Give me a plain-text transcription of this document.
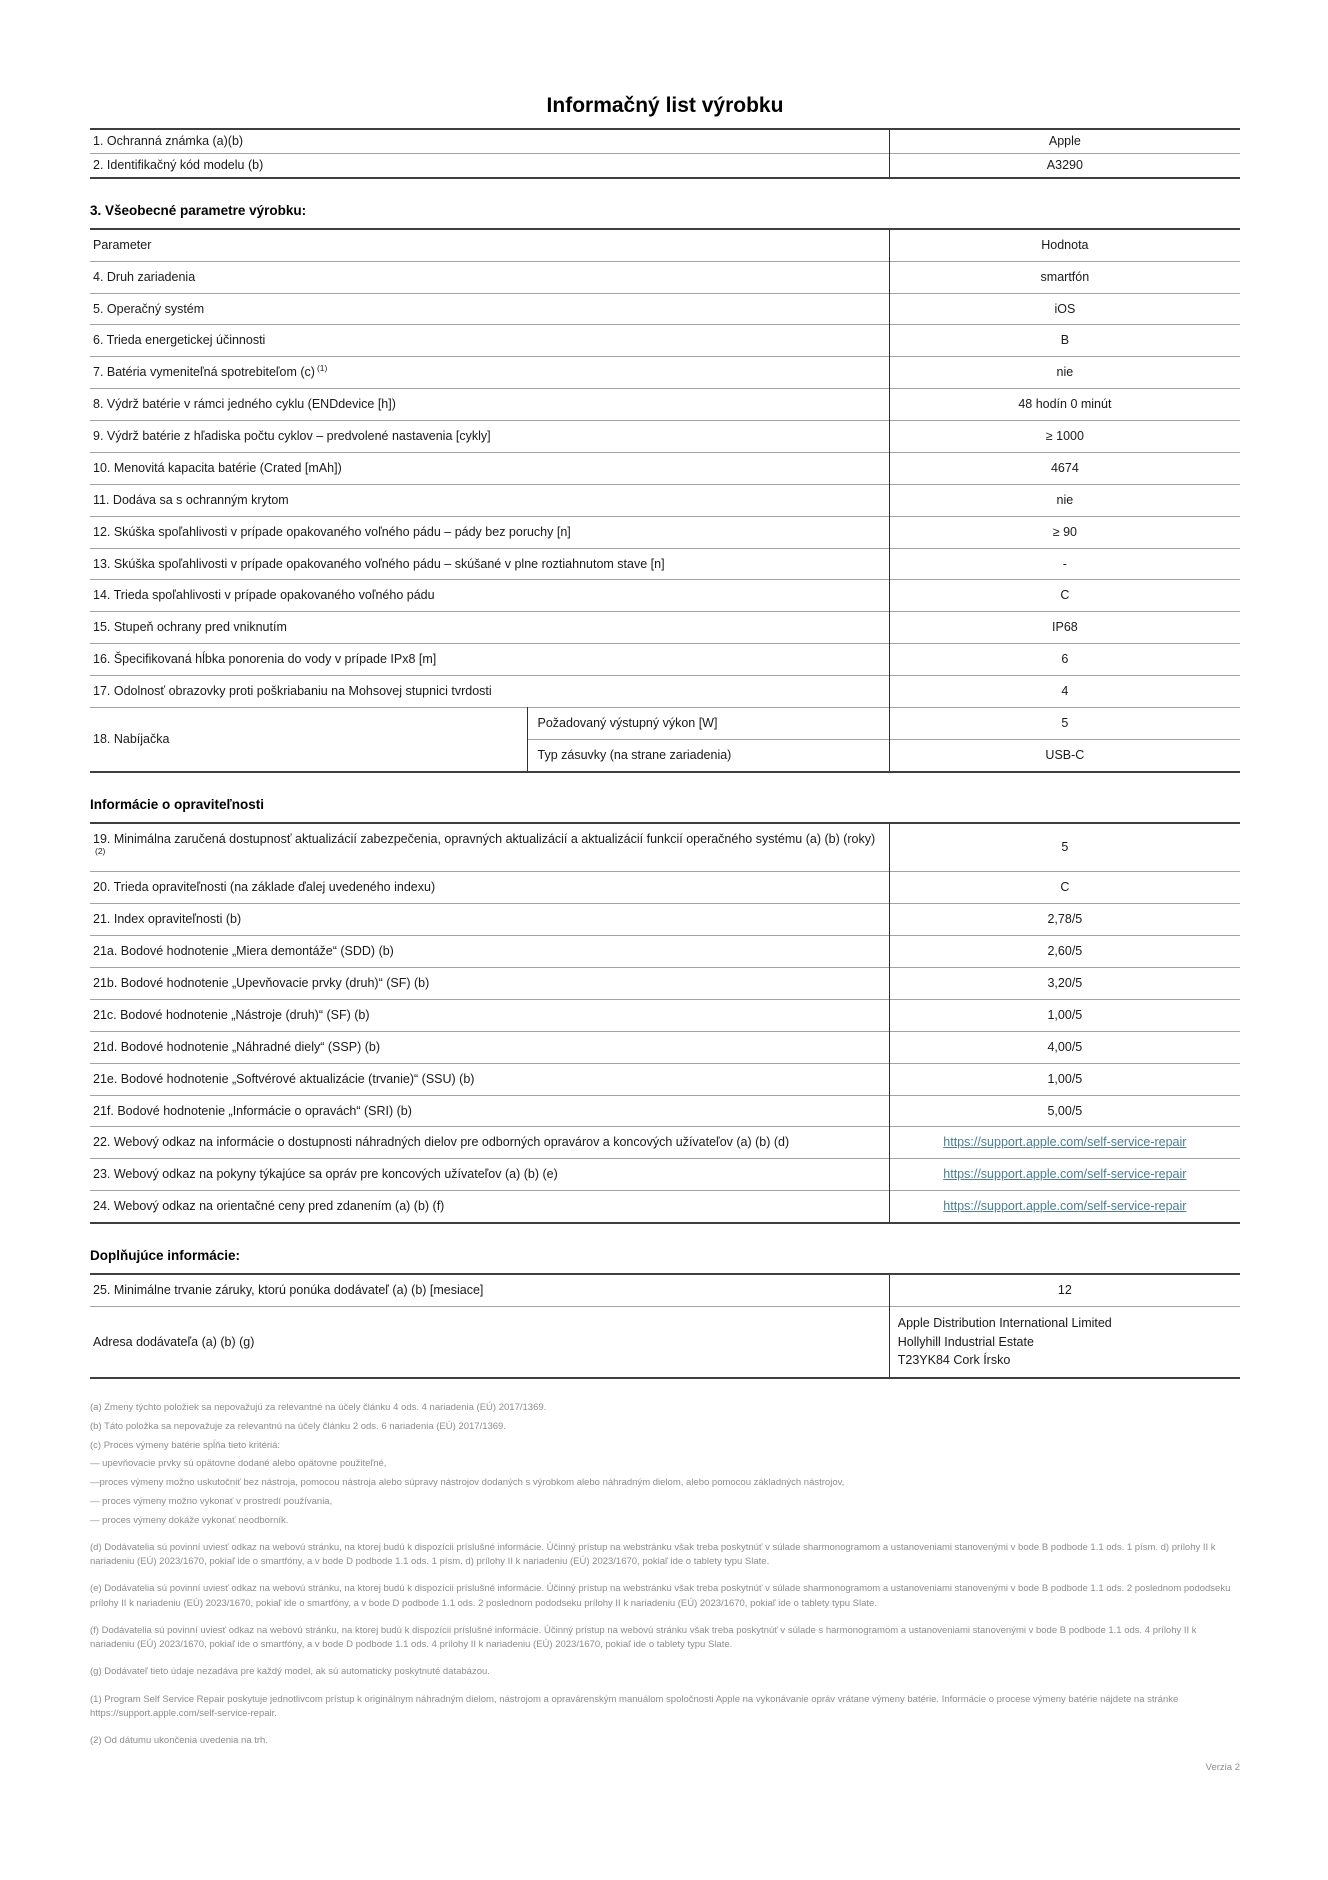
Informačný list výrobku
1. Ochranná známka (a)(b)	Apple
2. Identifikačný kód modelu (b)	A3290
3. Všeobecné parametre výrobku:
Parameter		Hodnota
4. Druh zariadenia		smartfón
5. Operačný systém		iOS
6. Trieda energetickej účinnosti		B
7. Batéria vymeniteľná spotrebiteľom (c) $^{(1)}$		nie
8. Výdrž batérie v rámci jedného cyklu (ENDdevice [h])		48 hodín 0 minút
9. Výdrž batérie z hľadiska počtu cyklov – predvolené nastavenia [cykly]		≥ 1000
10. Menovitá kapacita batérie (Crated [mAh])		4674
11. Dodáva sa s ochranným krytom		nie
12. Skúška spoľahlivosti v prípade opakovaného voľného pádu – pády bez poruchy [n]		≥ 90
13. Skúška spoľahlivosti v prípade opakovaného voľného pádu – skúšané v plne roztiahnutom stave [n]		-
14. Trieda spoľahlivosti v prípade opakovaného voľného pádu		C
15. Stupeň ochrany pred vniknutím		IP68
16. Špecifikovaná hĺbka ponorenia do vody v prípade IPx8 [m]		6
17. Odolnosť obrazovky proti poškriabaniu na Mohsovej stupnici tvrdosti		4
18. Nabíjačka	Požadovaný výstupný výkon [W]	5
	Typ zásuvky (na strane zariadenia)	USB-C
Informácie o opraviteľnosti
19. Minimálna zaručená dostupnosť aktualizácií zabezpečenia, opravných aktualizácií a aktualizácií funkcií operačného systému (a) (b) (roky)$^{(2)}$	5
20. Trieda opraviteľnosti (na základe ďalej uvedeného indexu)	C
21. Index opraviteľnosti (b)	2,78/5
21a. Bodové hodnotenie „Miera demontáže“ (SDD) (b)	2,60/5
21b. Bodové hodnotenie „Upevňovacie prvky (druh)“ (SF) (b)	3,20/5
21c. Bodové hodnotenie „Nástroje (druh)“ (SF) (b)	1,00/5
21d. Bodové hodnotenie „Náhradné diely“ (SSP) (b)	4,00/5
21e. Bodové hodnotenie „Softvérové aktualizácie (trvanie)“ (SSU) (b)	1,00/5
21f. Bodové hodnotenie „Informácie o opravách“ (SRI) (b)	5,00/5
22. Webový odkaz na informácie o dostupnosti náhradných dielov pre odborných opravárov a koncových užívateľov (a) (b) (d)	https://support.apple.com/self-service-repair
23. Webový odkaz na pokyny týkajúce sa opráv pre koncových užívateľov (a) (b) (e)	https://support.apple.com/self-service-repair
24. Webový odkaz na orientačné ceny pred zdanením (a) (b) (f)	https://support.apple.com/self-service-repair
Doplňujúce informácie:
25. Minimálne trvanie záruky, ktorú ponúka dodávateľ (a) (b) [mesiace]	12
Adresa dodávateľa (a) (b) (g)	Apple Distribution International Limited
Hollyhill Industrial Estate
T23YK84 Cork Írsko

(a) Zmeny týchto položiek sa nepovažujú za relevantné na účely článku 4 ods. 4 nariadenia (EÚ) 2017/1369.

(b) Táto položka sa nepovažuje za relevantnú na účely článku 2 ods. 6 nariadenia (EÚ) 2017/1369.

(c) Proces výmeny batérie spĺňa tieto kritériá:

— upevňovacie prvky sú opätovne dodané alebo opätovne použiteľné,

—proces výmeny možno uskutočniť bez nástroja, pomocou nástroja alebo súpravy nástrojov dodaných s výrobkom alebo náhradným dielom, alebo pomocou základných nástrojov,

— proces výmeny možno vykonať v prostredí používania,

— proces výmeny dokáže vykonať neodborník.

(d) Dodávatelia sú povinní uviesť odkaz na webovú stránku, na ktorej budú k dispozícii príslušné informácie. Účinný prístup na webstránku však treba poskytnúť v súlade sharmonogramom a ustanoveniami stanovenými v bode B podbode 1.1 ods. 1 písm. d) prílohy II k nariadeniu (EÚ) 2023/1670, pokiaľ ide o smartfóny, a v bode D podbode 1.1 ods. 1 písm. d) prílohy II k nariadeniu (EÚ) 2023/1670, pokiaľ ide o tablety typu Slate.

(e) Dodávatelia sú povinní uviesť odkaz na webovú stránku, na ktorej budú k dispozícii príslušné informácie. Účinný prístup na webstránku však treba poskytnúť v súlade sharmonogramom a ustanoveniami stanovenými v bode B podbode 1.1 ods. 2 poslednom pododseku prílohy II k nariadeniu (EÚ) 2023/1670, pokiaľ ide o smartfóny, a v bode D podbode 1.1 ods. 2 poslednom pododseku prílohy II k nariadeniu (EÚ) 2023/1670, pokiaľ ide o tablety typu Slate.

(f) Dodávatelia sú povinní uviesť odkaz na webovú stránku, na ktorej budú k dispozícii príslušné informácie. Účinný prístup na webovú stránku však treba poskytnúť v súlade s harmonogramom a ustanoveniami stanovenými v bode B podbode 1.1 ods. 4 prílohy II k nariadeniu (EÚ) 2023/1670, pokiaľ ide o smartfóny, a v bode D podbode 1.1 ods. 4 prílohy II k nariadeniu (EÚ) 2023/1670, pokiaľ ide o tablety typu Slate.

(g) Dodávateľ tieto údaje nezadáva pre každý model, ak sú automaticky poskytnuté databázou.

(1) Program Self Service Repair poskytuje jednotlivcom prístup k originálnym náhradným dielom, nástrojom a opravárenským manuálom spoločnosti Apple na vykonávanie opráv vrátane výmeny batérie. Informácie o procese výmeny batérie nájdete na stránke https://support.apple.com/self-service-repair.

(2) Od dátumu ukončenia uvedenia na trh.

Verzia 2
